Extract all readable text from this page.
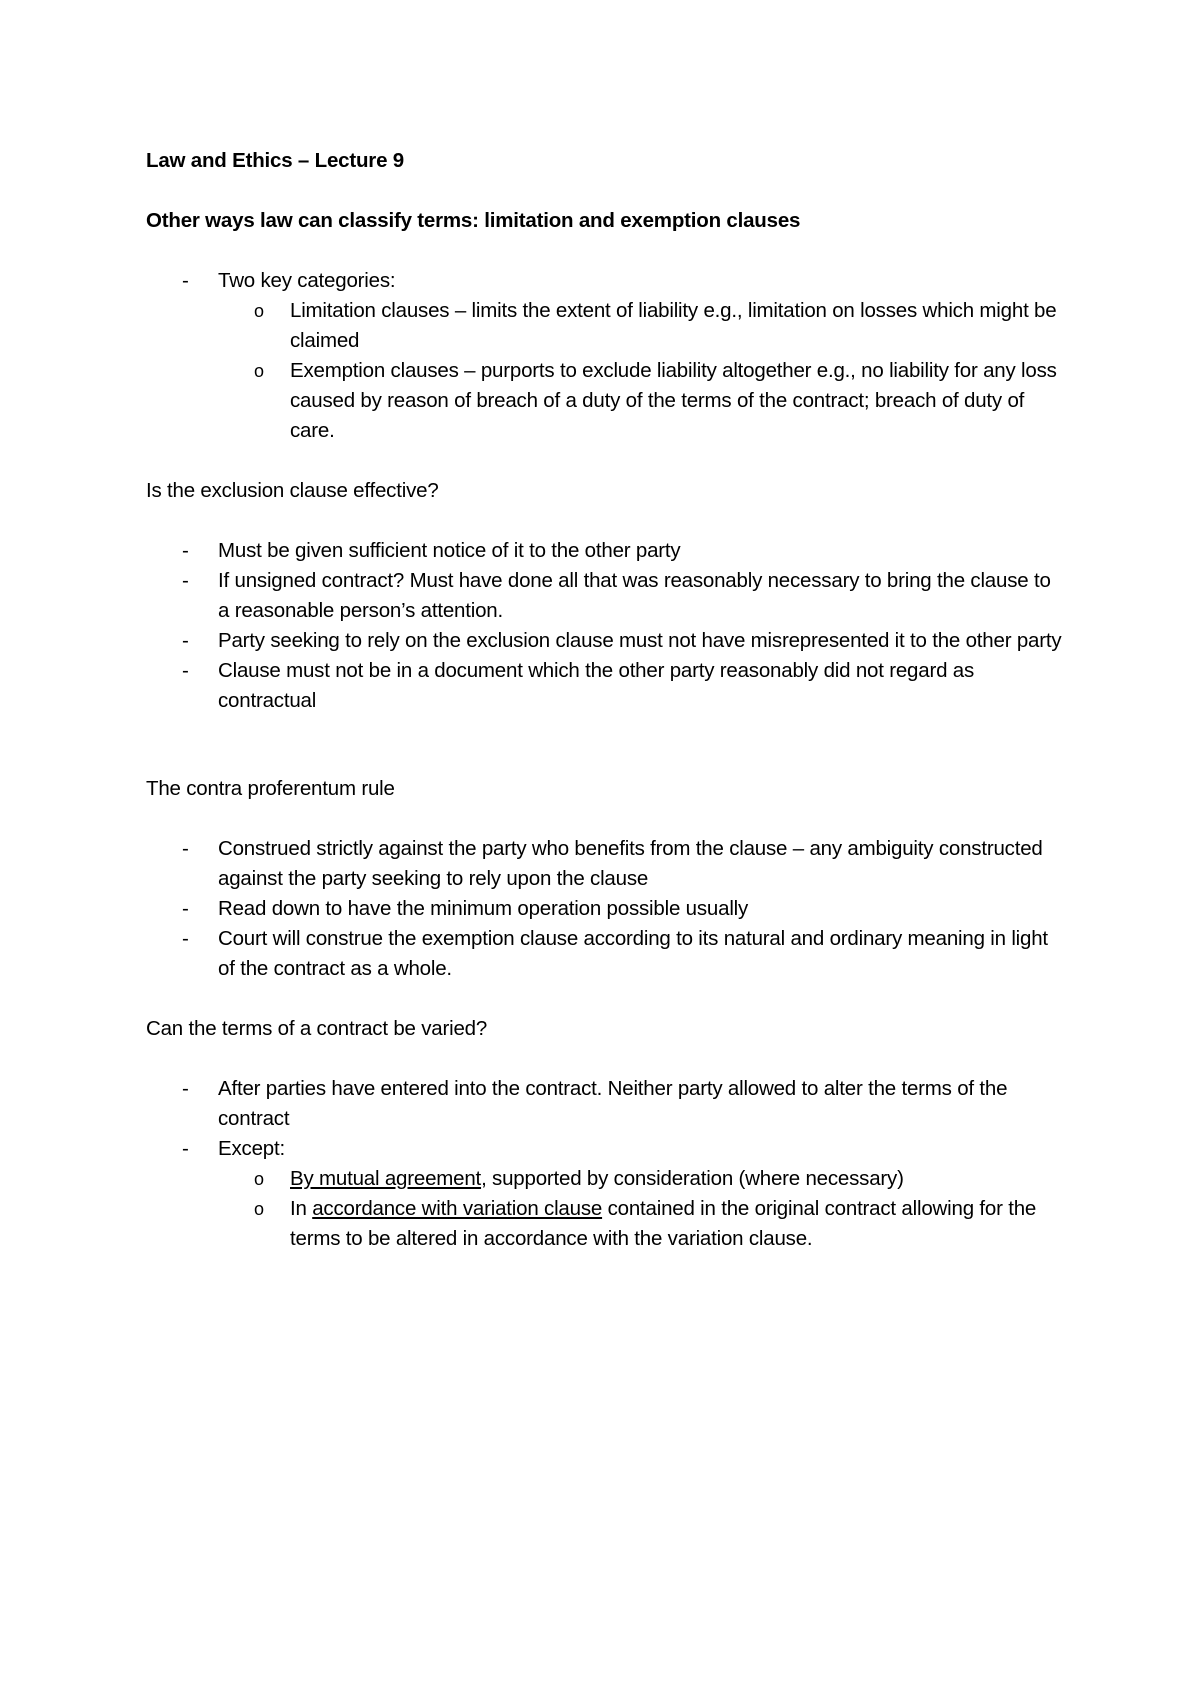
Law and Ethics – Lecture 9

Other ways law can classify terms: limitation and exemption clauses

- Two key categories:
o Limitation clauses – limits the extent of liability e.g., limitation on losses which might be claimed
o Exemption clauses – purports to exclude liability altogether e.g., no liability for any loss caused by reason of breach of a duty of the terms of the contract; breach of duty of care.

Is the exclusion clause effective?

- Must be given sufficient notice of it to the other party
- If unsigned contract? Must have done all that was reasonably necessary to bring the clause to a reasonable person’s attention.
- Party seeking to rely on the exclusion clause must not have misrepresented it to the other party
- Clause must not be in a document which the other party reasonably did not regard as contractual

The contra proferentum rule

- Construed strictly against the party who benefits from the clause – any ambiguity constructed against the party seeking to rely upon the clause
- Read down to have the minimum operation possible usually
- Court will construe the exemption clause according to its natural and ordinary meaning in light of the contract as a whole.

Can the terms of a contract be varied?

- After parties have entered into the contract. Neither party allowed to alter the terms of the contract
- Except:
o By mutual agreement, supported by consideration (where necessary)
o In accordance with variation clause contained in the original contract allowing for the terms to be altered in accordance with the variation clause.
